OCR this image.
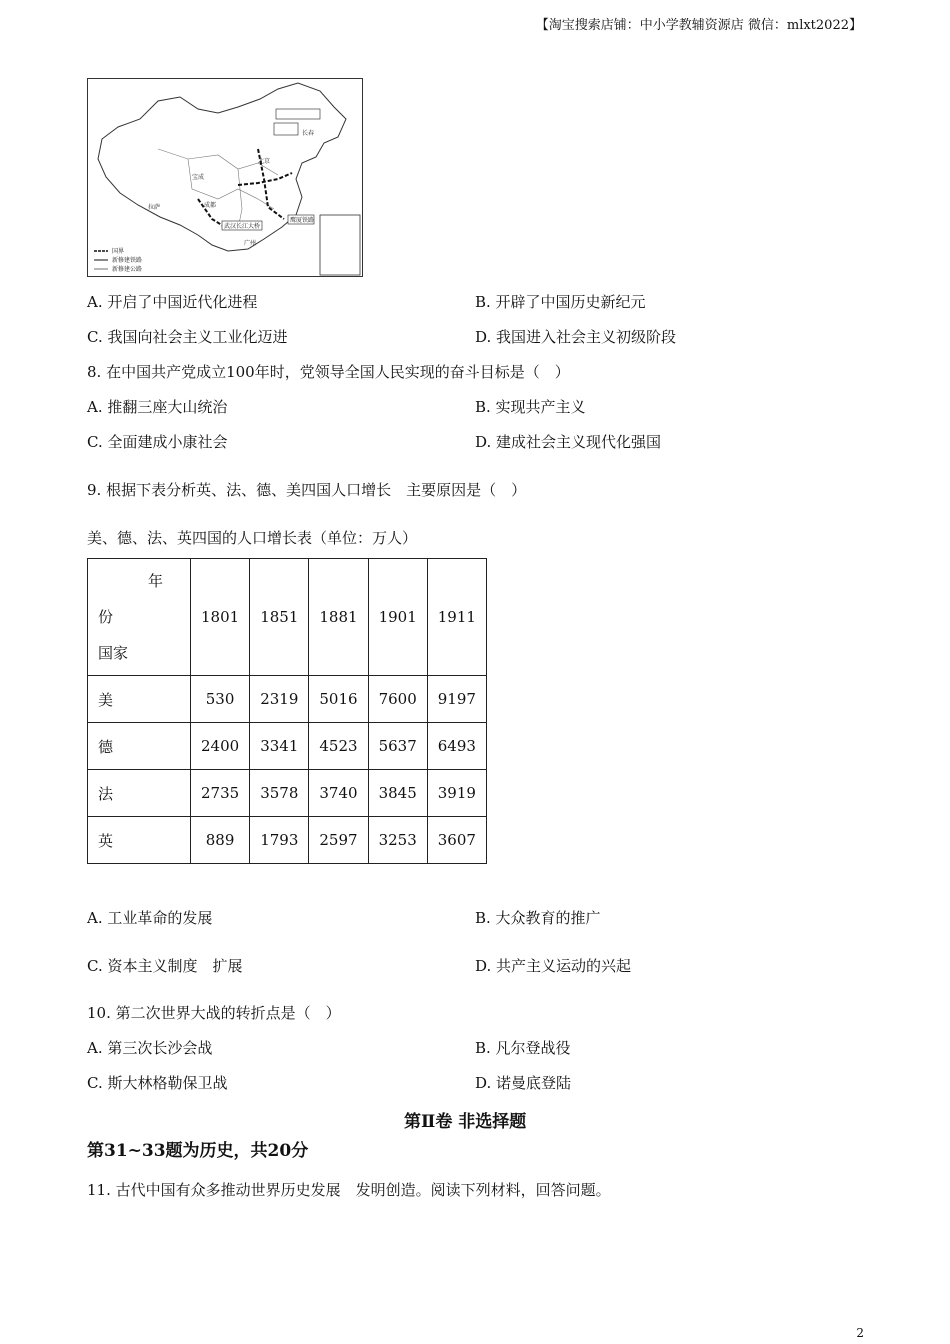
【淘宝搜索店铺：中小学教辅资源店 微信：mlxt2022】
北京
长春
武汉长江大桥
鹰厦铁路
宝成
成都
拉萨
广州
国界
新修建铁路
新修建公路
A. 开启了中国近代化进程	B. 开辟了中国历史新纪元
C. 我国向社会主义工业化迈进	D. 我国进入社会主义初级阶段
8. 在中国共产党成立100年时，党领导全国人民实现的奋斗目标是（　）
A. 推翻三座大山统治	B. 实现共产主义
C. 全面建成小康社会	D. 建成社会主义现代化强国
9. 根据下表分析英、法、德、美四国人口增长　主要原因是（　）
美、德、法、英四国的人口增长表（单位：万人）
年
份
国家	1801	1851	1881	1901	1911
美	530	2319	5016	7600	9197
德	2400	3341	4523	5637	6493
法	2735	3578	3740	3845	3919
英	889	1793	2597	3253	3607
A. 工业革命的发展	B. 大众教育的推广
C. 资本主义制度　扩展	D. 共产主义运动的兴起
10. 第二次世界大战的转折点是（　）
A. 第三次长沙会战	B. 凡尔登战役
C. 斯大林格勒保卫战	D. 诺曼底登陆
第Ⅱ卷 非选择题
第31~33题为历史，共20分
11. 古代中国有众多推动世界历史发展　发明创造。阅读下列材料，回答问题。
2
